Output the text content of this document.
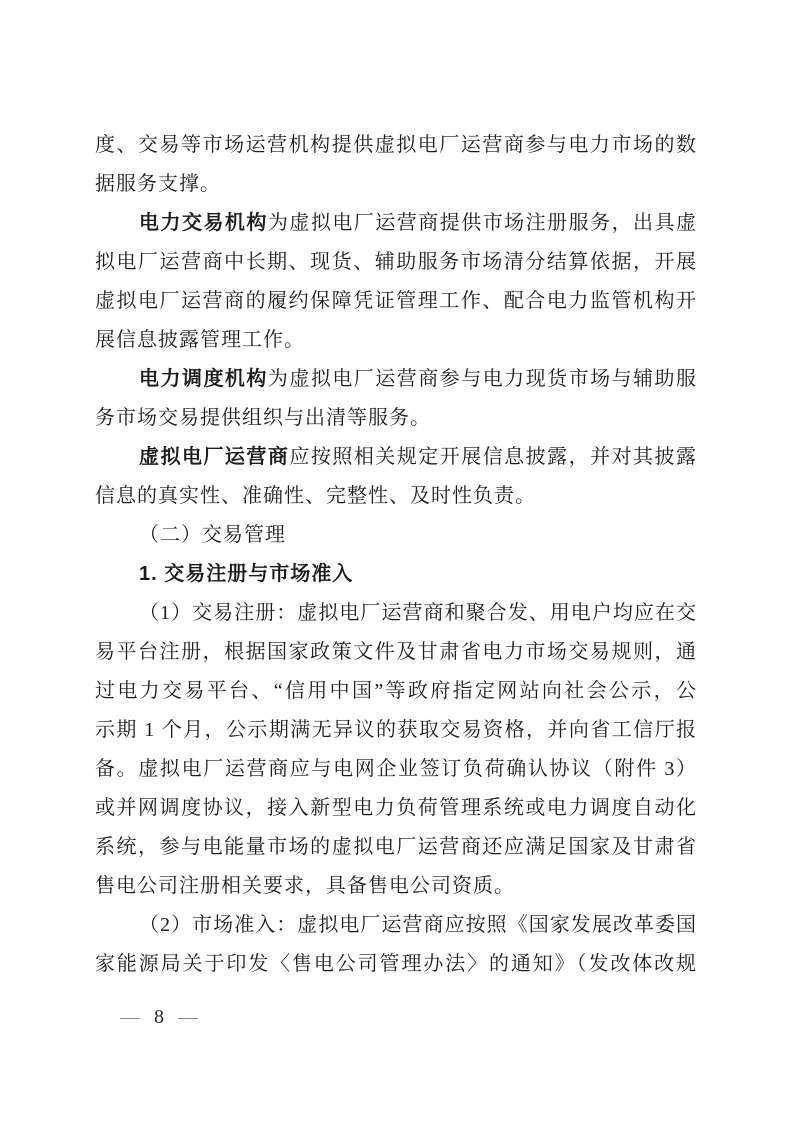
度、交易等市场运营机构提供虚拟电厂运营商参与电力市场的数
据服务支撑。
电力交易机构为虚拟电厂运营商提供市场注册服务，出具虚
拟电厂运营商中长期、现货、辅助服务市场清分结算依据，开展
虚拟电厂运营商的履约保障凭证管理工作、配合电力监管机构开
展信息披露管理工作。
电力调度机构为虚拟电厂运营商参与电力现货市场与辅助服
务市场交易提供组织与出清等服务。
虚拟电厂运营商应按照相关规定开展信息披露，并对其披露
信息的真实性、准确性、完整性、及时性负责。
（二）交易管理
1. 交易注册与市场准入
（1）交易注册：虚拟电厂运营商和聚合发、用电户均应在交
易平台注册，根据国家政策文件及甘肃省电力市场交易规则，通
过电力交易平台、“信用中国”等政府指定网站向社会公示，公
示期 1 个月，公示期满无异议的获取交易资格，并向省工信厅报
备。虚拟电厂运营商应与电网企业签订负荷确认协议（附件 3）
或并网调度协议，接入新型电力负荷管理系统或电力调度自动化
系统，参与电能量市场的虚拟电厂运营商还应满足国家及甘肃省
售电公司注册相关要求，具备售电公司资质。
（2）市场准入：虚拟电厂运营商应按照《国家发展改革委国
家能源局关于印发〈售电公司管理办法〉的通知》（发改体改规
— 8 —
